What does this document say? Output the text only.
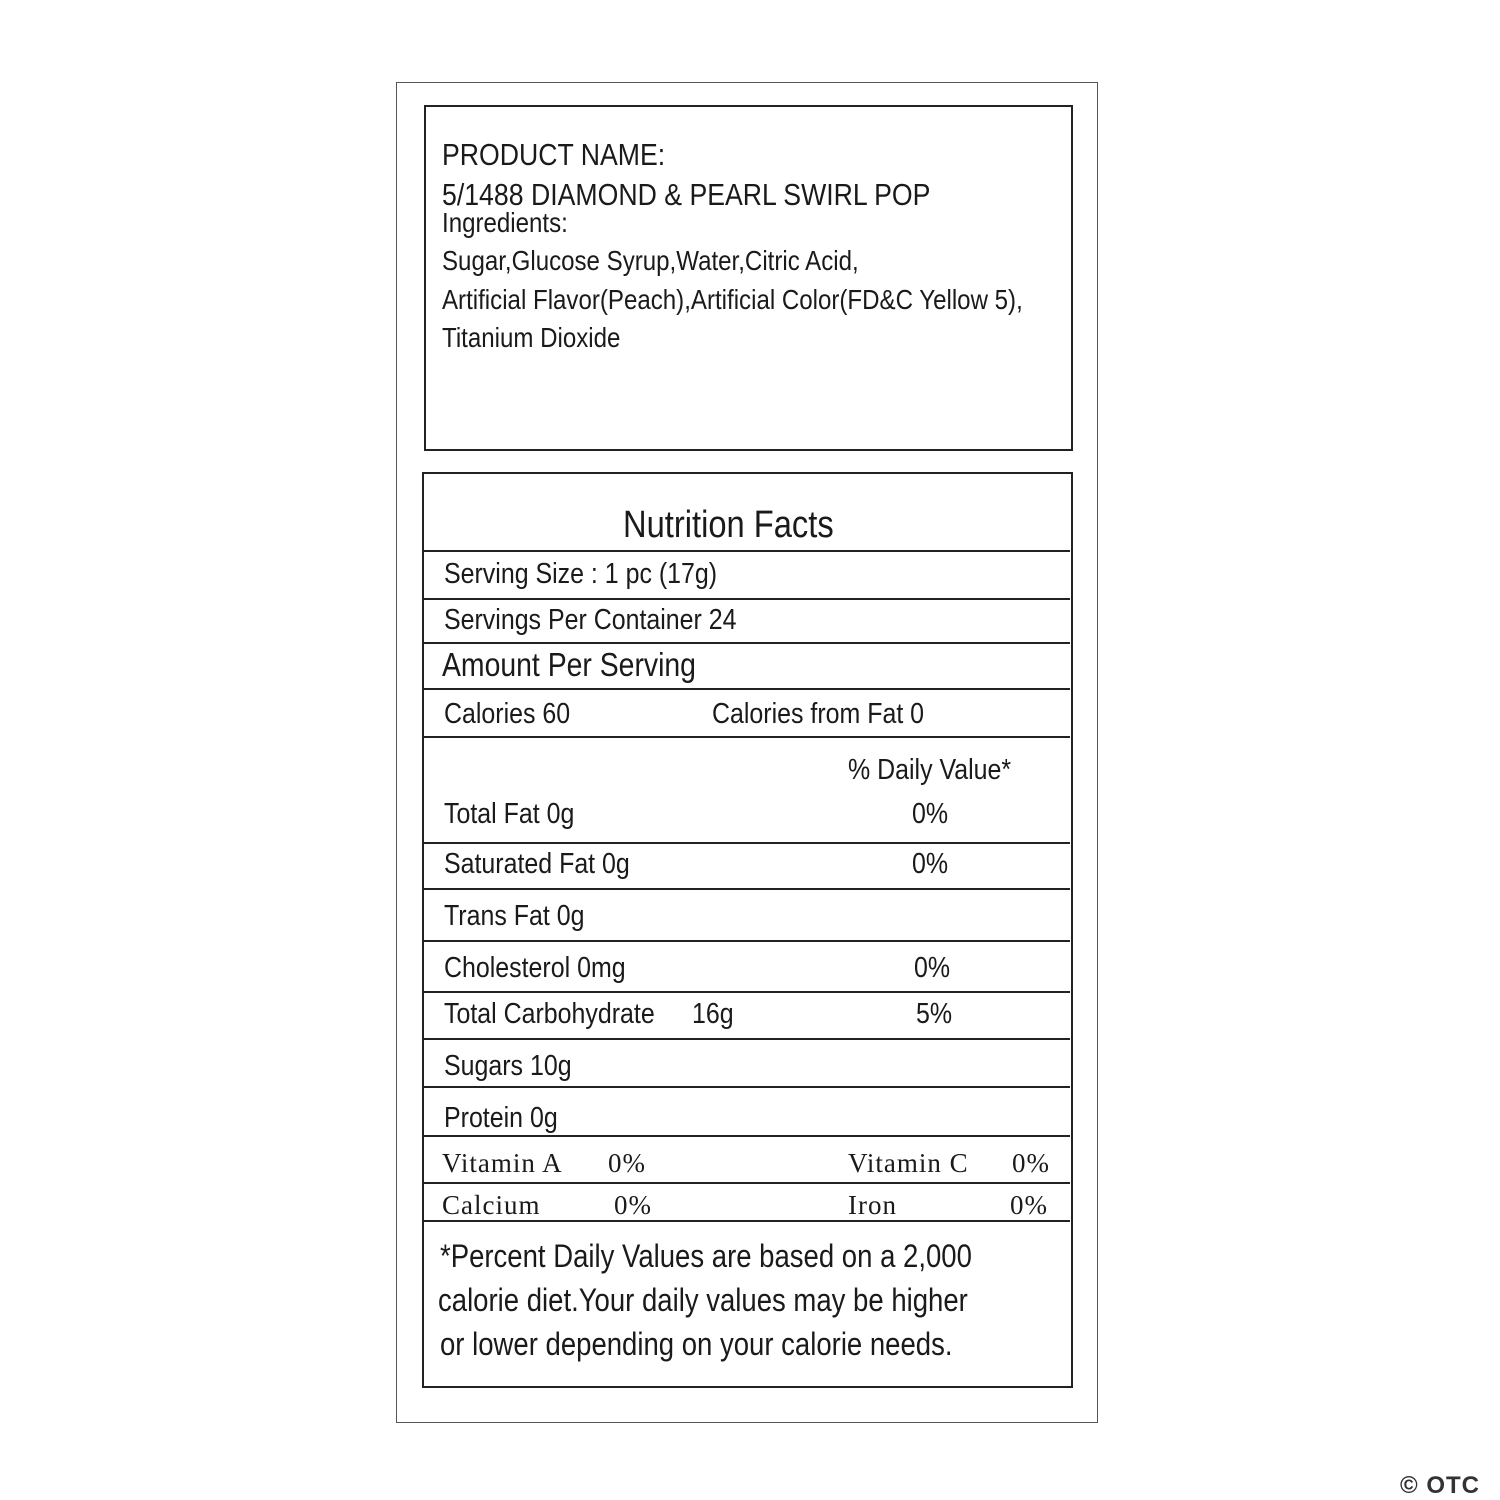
PRODUCT NAME:
5/1488 DIAMOND & PEARL SWIRL POP
Ingredients:
Sugar,Glucose Syrup,Water,Citric Acid,
Artificial Flavor(Peach),Artificial Color(FD&C Yellow 5),
Titanium Dioxide
Nutrition Facts
Serving Size : 1 pc (17g)
Servings Per Container 24
Amount Per Serving
Calories 60	Calories from Fat 0
% Daily Value*
Total Fat 0g	0%
Saturated Fat 0g	0%
Trans Fat 0g
Cholesterol 0mg	0%
Total Carbohydrate 16g	5%
Sugars 10g
Protein 0g
Vitamin A 0%	Vitamin C 0%
Calcium	0%	Iron	0%
*Percent Daily Values are based on a 2,000
calorie diet.Your daily values may be higher
or lower depending on your calorie needs.
© OTC
